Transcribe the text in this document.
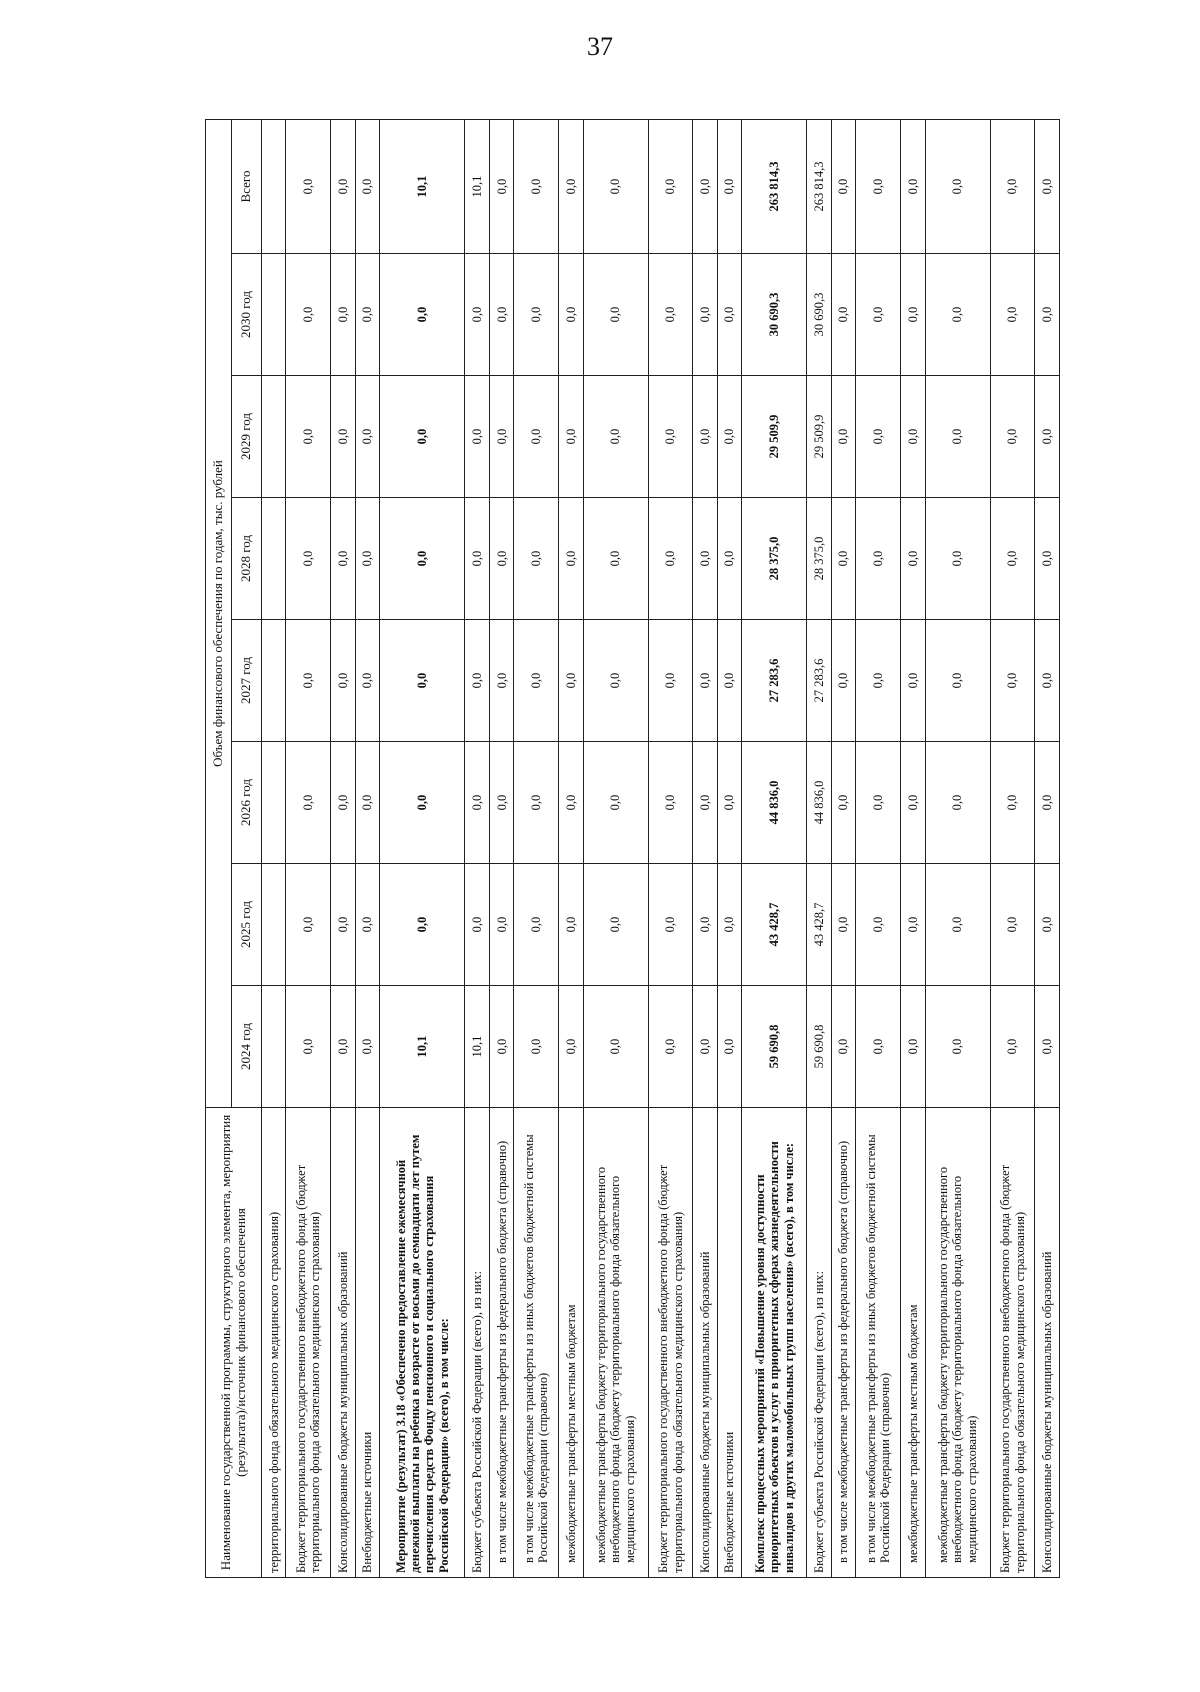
37
Наименование государственной программы, структурного элемента, мероприятия (результата)/источник финансового обеспечения	Объем финансового обеспечения по годам, тыс. рублей							
	2024 год	2025 год	2026 год	2027 год	2028 год	2029 год	2030 год	Всего
территориального фонда обязательного медицинского страхования)								
Бюджет территориального государственного внебюджетного фонда (бюджет территориального фонда обязательного медицинского страхования)	0,0	0,0	0,0	0,0	0,0	0,0	0,0	0,0
Консолидированные бюджеты муниципальных образований	0,0	0,0	0,0	0,0	0,0	0,0	0,0	0,0
Внебюджетные источники	0,0	0,0	0,0	0,0	0,0	0,0	0,0	0,0
Мероприятие (результат) 3.18 «Обеспечено предоставление ежемесячной денежной выплаты на ребенка в возрасте от восьми до семнадцати лет путем перечисления средств Фонду пенсионного и социального страхования Российской Федерации» (всего), в том числе:	10,1	0,0	0,0	0,0	0,0	0,0	0,0	10,1
Бюджет субъекта Российской Федерации (всего), из них:	10,1	0,0	0,0	0,0	0,0	0,0	0,0	10,1
в том числе межбюджетные трансферты из федерального бюджета (справочно)	0,0	0,0	0,0	0,0	0,0	0,0	0,0	0,0
в том числе межбюджетные трансферты из иных бюджетов бюджетной системы Российской Федерации (справочно)	0,0	0,0	0,0	0,0	0,0	0,0	0,0	0,0
межбюджетные трансферты местным бюджетам	0,0	0,0	0,0	0,0	0,0	0,0	0,0	0,0
межбюджетные трансферты бюджету территориального государственного внебюджетного фонда (бюджету территориального фонда обязательного медицинского страхования)	0,0	0,0	0,0	0,0	0,0	0,0	0,0	0,0
Бюджет территориального государственного внебюджетного фонда (бюджет территориального фонда обязательного медицинского страхования)	0,0	0,0	0,0	0,0	0,0	0,0	0,0	0,0
Консолидированные бюджеты муниципальных образований	0,0	0,0	0,0	0,0	0,0	0,0	0,0	0,0
Внебюджетные источники	0,0	0,0	0,0	0,0	0,0	0,0	0,0	0,0
Комплекс процессных мероприятий «Повышение уровня доступности приоритетных объектов и услуг в приоритетных сферах жизнедеятельности инвалидов и других маломобильных групп населения» (всего), в том числе:	59 690,8	43 428,7	44 836,0	27 283,6	28 375,0	29 509,9	30 690,3	263 814,3
Бюджет субъекта Российской Федерации (всего), из них:	59 690,8	43 428,7	44 836,0	27 283,6	28 375,0	29 509,9	30 690,3	263 814,3
в том числе межбюджетные трансферты из федерального бюджета (справочно)	0,0	0,0	0,0	0,0	0,0	0,0	0,0	0,0
в том числе межбюджетные трансферты из иных бюджетов бюджетной системы Российской Федерации (справочно)	0,0	0,0	0,0	0,0	0,0	0,0	0,0	0,0
межбюджетные трансферты местным бюджетам	0,0	0,0	0,0	0,0	0,0	0,0	0,0	0,0
межбюджетные трансферты бюджету территориального государственного внебюджетного фонда (бюджету территориального фонда обязательного медицинского страхования)	0,0	0,0	0,0	0,0	0,0	0,0	0,0	0,0
Бюджет территориального государственного внебюджетного фонда (бюджет территориального фонда обязательного медицинского страхования)	0,0	0,0	0,0	0,0	0,0	0,0	0,0	0,0
Консолидированные бюджеты муниципальных образований	0,0	0,0	0,0	0,0	0,0	0,0	0,0	0,0
